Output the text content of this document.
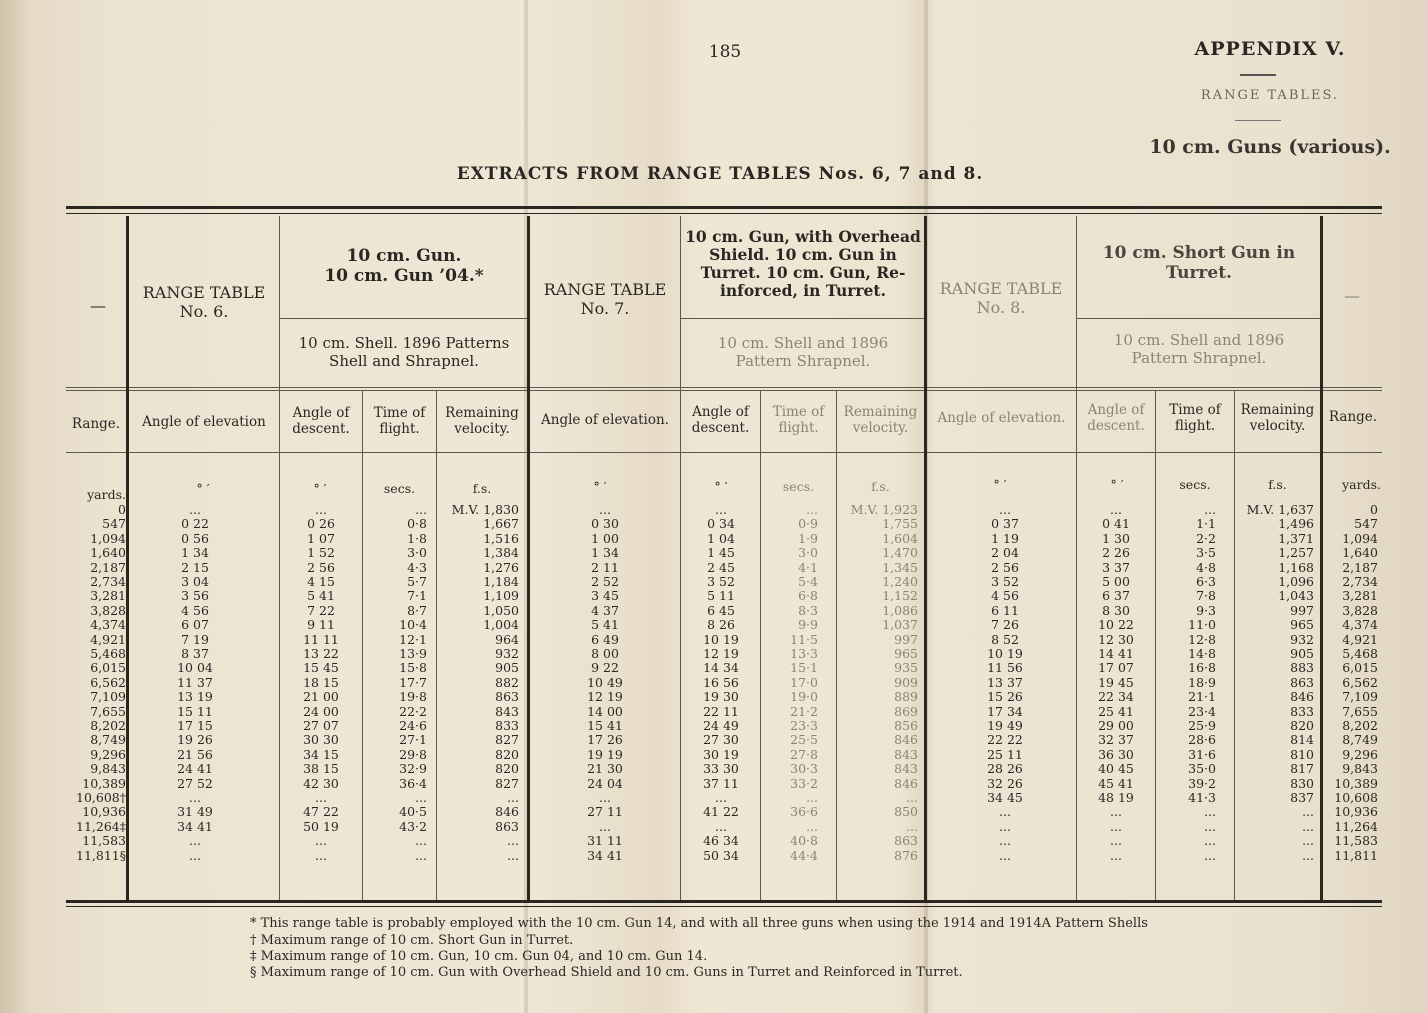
185	APPENDIX V.
RANGE TABLES.
10 cm. Guns (various).
EXTRACTS FROM RANGE TABLES Nos. 6, 7 and 8.
—
RANGE TABLE
No. 6.
10 cm. Gun.
10 cm. Gun ’04.*
10 cm. Shell. 1896 Patterns
Shell and Shrapnel.
RANGE TABLE
No. 7.
10 cm. Gun, with Overhead
Shield. 10 cm. Gun in
Turret. 10 cm. Gun, Re-
inforced, in Turret.
10 cm. Shell and 1896
Pattern Shrapnel.
RANGE TABLE
No. 8.
10 cm. Short Gun in
Turret.
10 cm. Shell and 1896
Pattern Shrapnel.
—
Range.	Angle of elevation
Angle of
descent.
Time of
flight.
Remaining
velocity.
Angle of elevation.	Angle of
descent.
Time of
flight.
Remaining
velocity.
Angle of elevation.	Angle of
descent.
Time of
flight.
Remaining
velocity.
Range.
yards.	° ′	° ′	secs.	f.s.	° ′	° ′	secs.	f.s.	° ′	° ′	secs.	f.s.	yards.
0	...	...	...	M.V. 1,830	...	...	...	M.V. 1,923	...	...	...	M.V. 1,637	0
547	0 22	0 26	0·8	1,667	0 30	0 34	0·9	1,755	0 37	0 41	1·1	1,496	547
1,094	0 56	1 07	1·8	1,516	1 00	1 04	1·9	1,604	1 19	1 30	2·2	1,371	1,094
1,640	1 34	1 52	3·0	1,384	1 34	1 45	3·0	1,470	2 04	2 26	3·5	1,257	1,640
2,187	2 15	2 56	4·3	1,276	2 11	2 45	4·1	1,345	2 56	3 37	4·8	1,168	2,187
2,734	3 04	4 15	5·7	1,184	2 52	3 52	5·4	1,240	3 52	5 00	6·3	1,096	2,734
3,281	3 56	5 41	7·1	1,109	3 45	5 11	6·8	1,152	4 56	6 37	7·8	1,043	3,281
3,828	4 56	7 22	8·7	1,050	4 37	6 45	8·3	1,086	6 11	8 30	9·3	997	3,828
4,374	6 07	9 11	10·4	1,004	5 41	8 26	9·9	1,037	7 26	10 22	11·0	965	4,374
4,921	7 19	11 11	12·1	964	6 49	10 19	11·5	997	8 52	12 30	12·8	932	4,921
5,468	8 37	13 22	13·9	932	8 00	12 19	13·3	965	10 19	14 41	14·8	905	5,468
6,015	10 04	15 45	15·8	905	9 22	14 34	15·1	935	11 56	17 07	16·8	883	6,015
6,562	11 37	18 15	17·7	882	10 49	16 56	17·0	909	13 37	19 45	18·9	863	6,562
7,109	13 19	21 00	19·8	863	12 19	19 30	19·0	889	15 26	22 34	21·1	846	7,109
7,655	15 11	24 00	22·2	843	14 00	22 11	21·2	869	17 34	25 41	23·4	833	7,655
8,202	17 15	27 07	24·6	833	15 41	24 49	23·3	856	19 49	29 00	25·9	820	8,202
8,749	19 26	30 30	27·1	827	17 26	27 30	25·5	846	22 22	32 37	28·6	814	8,749
9,296	21 56	34 15	29·8	820	19 19	30 19	27·8	843	25 11	36 30	31·6	810	9,296
9,843	24 41	38 15	32·9	820	21 30	33 30	30·3	843	28 26	40 45	35·0	817	9,843
10,389	27 52	42 30	36·4	827	24 04	37 11	33·2	846	32 26	45 41	39·2	830	10,389
10,608†	...	...	...	...	...	...	...	...	34 45	48 19	41·3	837	10,608
10,936	31 49	47 22	40·5	846	27 11	41 22	36·6	850	...	...	...	...	10,936
11,264‡	34 41	50 19	43·2	863	...	...	...	...	...	...	...	...	11,264
11,583	...	...	...	...	31 11	46 34	40·8	863	...	...	...	...	11,583
11,811§	...	...	...	...	34 41	50 34	44·4	876	...	...	...	...	11,811
* This range table is probably employed with the 10 cm. Gun 14, and with all three guns when using the 1914 and 1914A Pattern Shells
† Maximum range of 10 cm. Short Gun in Turret.
‡ Maximum range of 10 cm. Gun, 10 cm. Gun 04, and 10 cm. Gun 14.
§ Maximum range of 10 cm. Gun with Overhead Shield and 10 cm. Guns in Turret and Reinforced in Turret.
